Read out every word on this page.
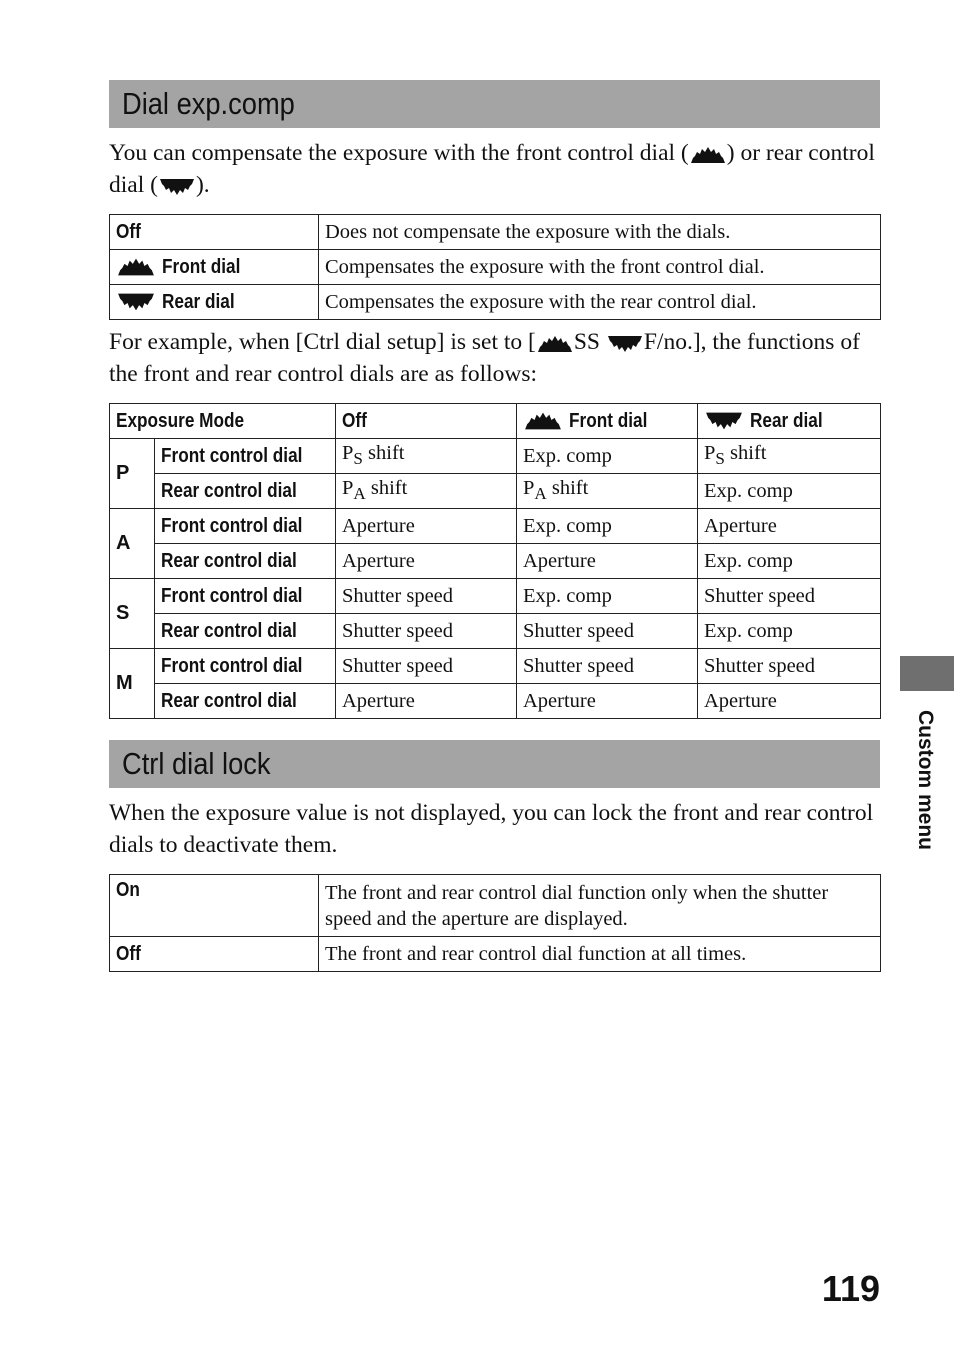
Dial exp.comp
You can compensate the exposure with the front control dial ( ) or rear control dial ( ).
Off	Does not compensate the exposure with the dials.
Front dial	Compensates the exposure with the front control dial.
Rear dial	Compensates the exposure with the rear control dial.
For example, when [Ctrl dial setup] is set to [ SS F/no.], the functions of the front and rear control dials are as follows:
Exposure Mode		Off	Front dial	Rear dial
P	Front control dial	$P_S$ shift	Exp. comp	$P_S$ shift
	Rear control dial	$P_A$ shift	$P_A$ shift	Exp. comp
A	Front control dial	Aperture	Exp. comp	Aperture
	Rear control dial	Aperture	Aperture	Exp. comp
S	Front control dial	Shutter speed	Exp. comp	Shutter speed
	Rear control dial	Shutter speed	Shutter speed	Exp. comp
M	Front control dial	Shutter speed	Shutter speed	Shutter speed
	Rear control dial	Aperture	Aperture	Aperture
Ctrl dial lock
When the exposure value is not displayed, you can lock the front and rear control dials to deactivate them.
On	The front and rear control dial function only when the shutter speed and the aperture are displayed.
Off	The front and rear control dial function at all times.
Custom menu
119
